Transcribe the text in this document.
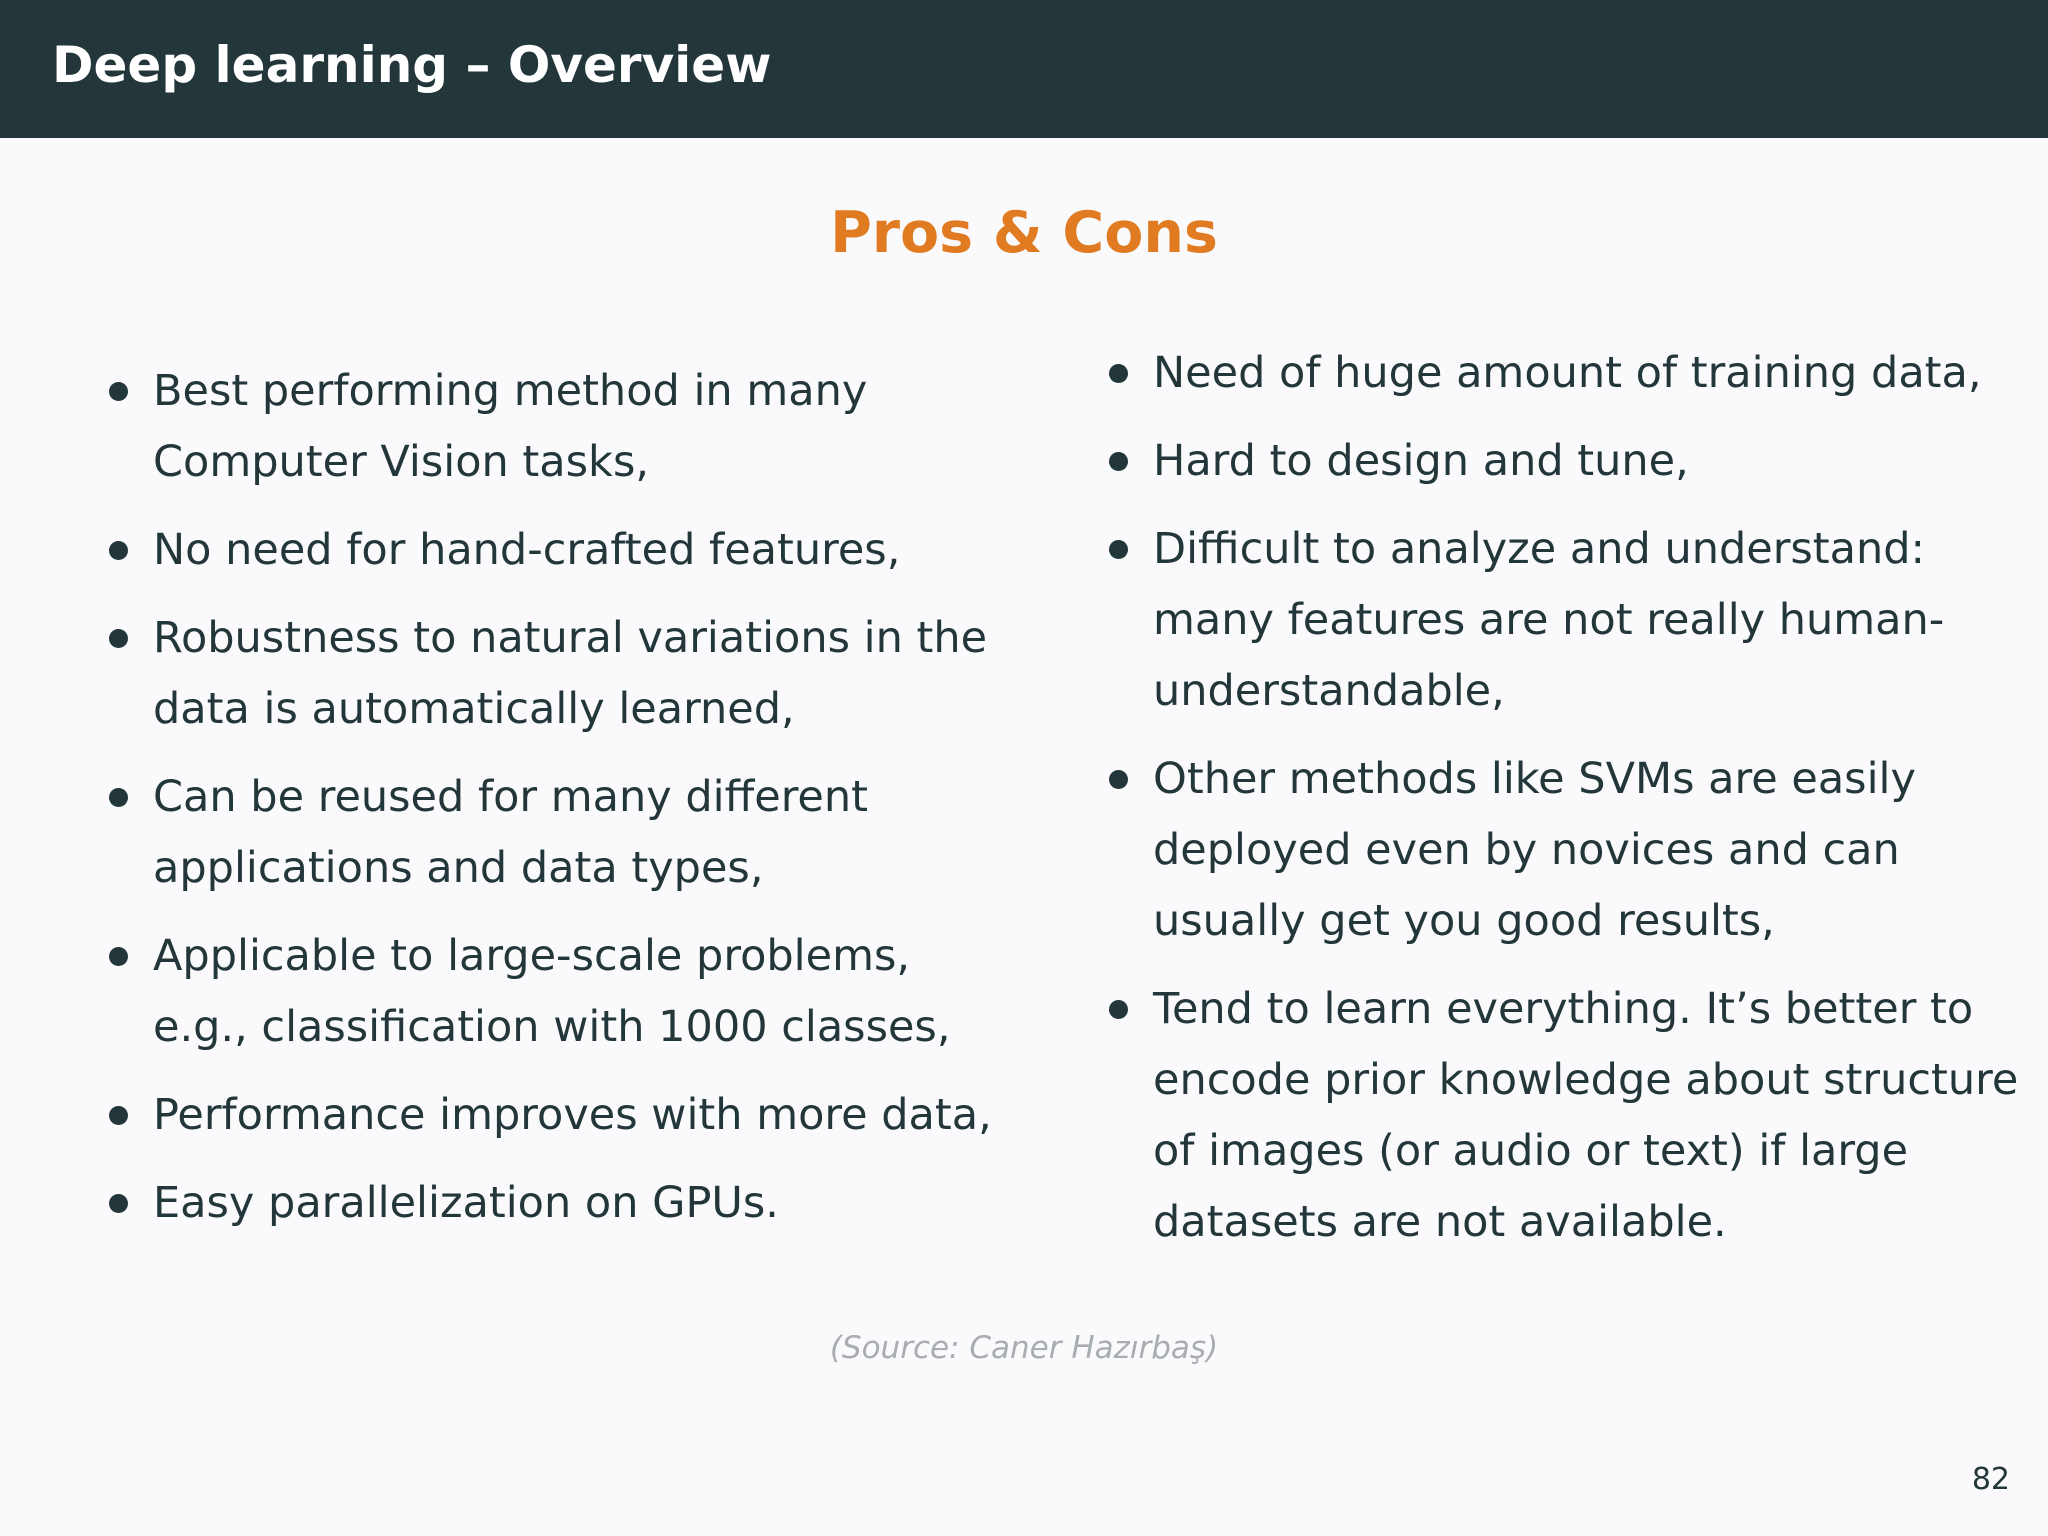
Deep learning – Overview
Pros & Cons
Best performing method in many Computer Vision tasks,
No need for hand-crafted features,
Robustness to natural variations in the data is automatically learned,
Can be reused for many different applications and data types,
Applicable to large-scale problems, e.g., classification with 1000 classes,
Performance improves with more data,
Easy parallelization on GPUs.
Need of huge amount of training data,
Hard to design and tune,
Difficult to analyze and understand: many features are not really human-understandable,
Other methods like SVMs are easily deployed even by novices and can usually get you good results,
Tend to learn everything. It’s better to encode prior knowledge about structure of images (or audio or text) if large datasets are not available.
(Source: Caner Hazırbaş)
82
